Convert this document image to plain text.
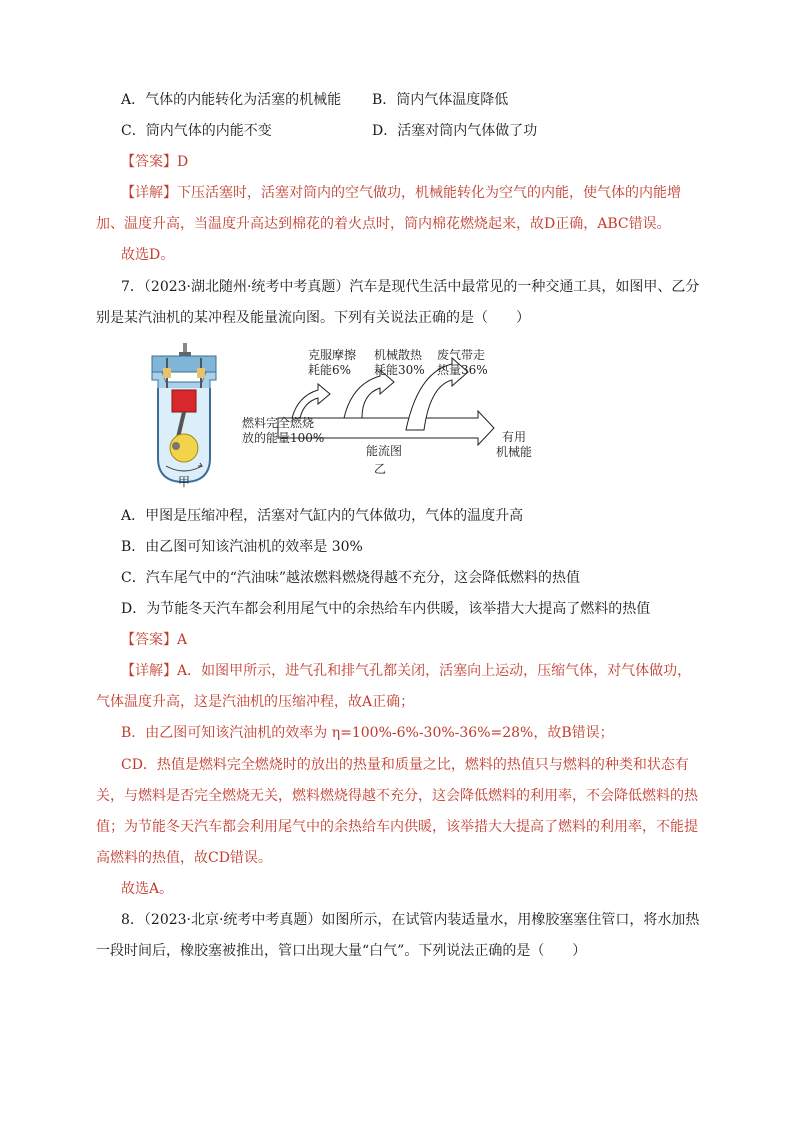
A．气体的内能转化为活塞的机械能 B．筒内气体温度降低
C．筒内气体的内能不变	D．活塞对筒内气体做了功
【答案】D
【详解】下压活塞时，活塞对筒内的空气做功，机械能转化为空气的内能，使气体的内能增
加、温度升高，当温度升高达到棉花的着火点时，筒内棉花燃烧起来，故D正确，ABC错误。
故选D。
7．（2023·湖北随州·统考中考真题）汽车是现代生活中最常见的一种交通工具，如图甲、乙分
别是某汽油机的某冲程及能量流向图。下列有关说法正确的是（　　）
克服摩擦
耗能6%
机械散热
耗能30%
废气带走
热量36%
燃料完全燃烧
放的能量100%	有用
机械能
能流图
乙
甲
A．甲图是压缩冲程，活塞对气缸内的气体做功，气体的温度升高
B．由乙图可知该汽油机的效率是 30%
C．汽车尾气中的“汽油味”越浓燃料燃烧得越不充分，这会降低燃料的热值
D．为节能冬天汽车都会利用尾气中的余热给车内供暖，该举措大大提高了燃料的热值
【答案】A
【详解】A．如图甲所示，进气孔和排气孔都关闭，活塞向上运动，压缩气体，对气体做功，
气体温度升高，这是汽油机的压缩冲程，故A正确；
B．由乙图可知该汽油机的效率为 η=100%-6%-30%-36%=28%，故B错误；
CD．热值是燃料完全燃烧时的放出的热量和质量之比，燃料的热值只与燃料的种类和状态有
关，与燃料是否完全燃烧无关，燃料燃烧得越不充分，这会降低燃料的利用率，不会降低燃料的热
值；为节能冬天汽车都会利用尾气中的余热给车内供暖，该举措大大提高了燃料的利用率，不能提
高燃料的热值，故CD错误。
故选A。
8．（2023·北京·统考中考真题）如图所示，在试管内装适量水，用橡胶塞塞住管口，将水加热
一段时间后，橡胶塞被推出，管口出现大量“白气”。下列说法正确的是（　　）
